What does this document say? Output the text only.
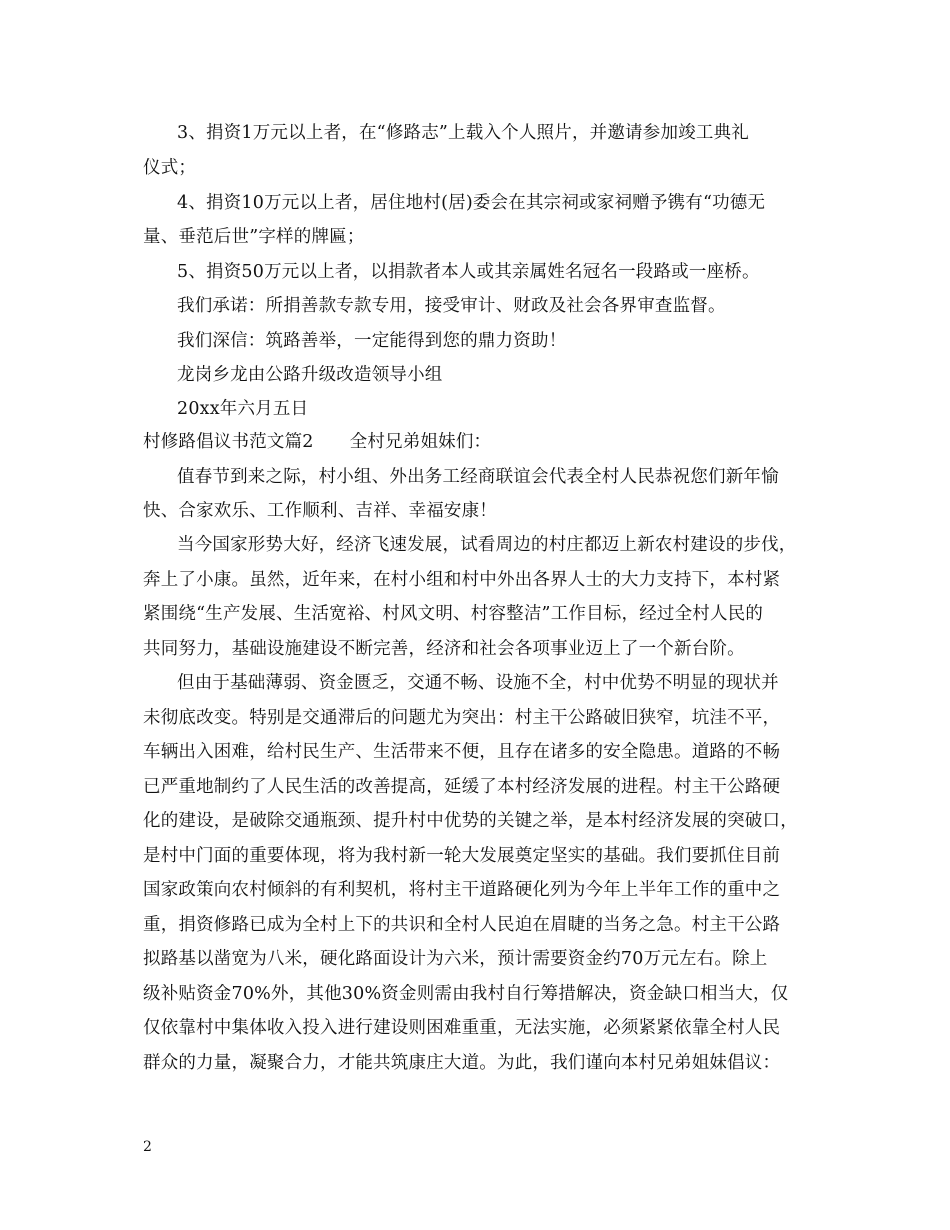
3、捐资1万元以上者，在“修路志”上载入个人照片，并邀请参加竣工典礼
仪式；
4、捐资10万元以上者，居住地村(居)委会在其宗祠或家祠赠予镌有“功德无
量、垂范后世”字样的牌匾；
5、捐资50万元以上者，以捐款者本人或其亲属姓名冠名一段路或一座桥。
我们承诺：所捐善款专款专用，接受审计、财政及社会各界审查监督。
我们深信：筑路善举，一定能得到您的鼎力资助！
龙岗乡龙由公路升级改造领导小组
20xx年六月五日
村修路倡议书范文篇2 全村兄弟姐妹们：
值春节到来之际，村小组、外出务工经商联谊会代表全村人民恭祝您们新年愉
快、合家欢乐、工作顺利、吉祥、幸福安康！
当今国家形势大好，经济飞速发展，试看周边的村庄都迈上新农村建设的步伐，
奔上了小康。虽然，近年来，在村小组和村中外出各界人士的大力支持下，本村紧
紧围绕“生产发展、生活宽裕、村风文明、村容整洁”工作目标，经过全村人民的
共同努力，基础设施建设不断完善，经济和社会各项事业迈上了一个新台阶。
但由于基础薄弱、资金匮乏，交通不畅、设施不全，村中优势不明显的现状并
未彻底改变。特别是交通滞后的问题尤为突出：村主干公路破旧狭窄，坑洼不平，
车辆出入困难，给村民生产、生活带来不便，且存在诸多的安全隐患。道路的不畅
已严重地制约了人民生活的改善提高，延缓了本村经济发展的进程。村主干公路硬
化的建设，是破除交通瓶颈、提升村中优势的关键之举，是本村经济发展的突破口，
是村中门面的重要体现，将为我村新一轮大发展奠定坚实的基础。我们要抓住目前
国家政策向农村倾斜的有利契机，将村主干道路硬化列为今年上半年工作的重中之
重，捐资修路已成为全村上下的共识和全村人民迫在眉睫的当务之急。村主干公路
拟路基以凿宽为八米，硬化路面设计为六米，预计需要资金约70万元左右。除上
级补贴资金70%外，其他30%资金则需由我村自行筹措解决，资金缺口相当大，仅
仅依靠村中集体收入投入进行建设则困难重重，无法实施，必须紧紧依靠全村人民
群众的力量，凝聚合力，才能共筑康庄大道。为此，我们谨向本村兄弟姐妹倡议：
2
